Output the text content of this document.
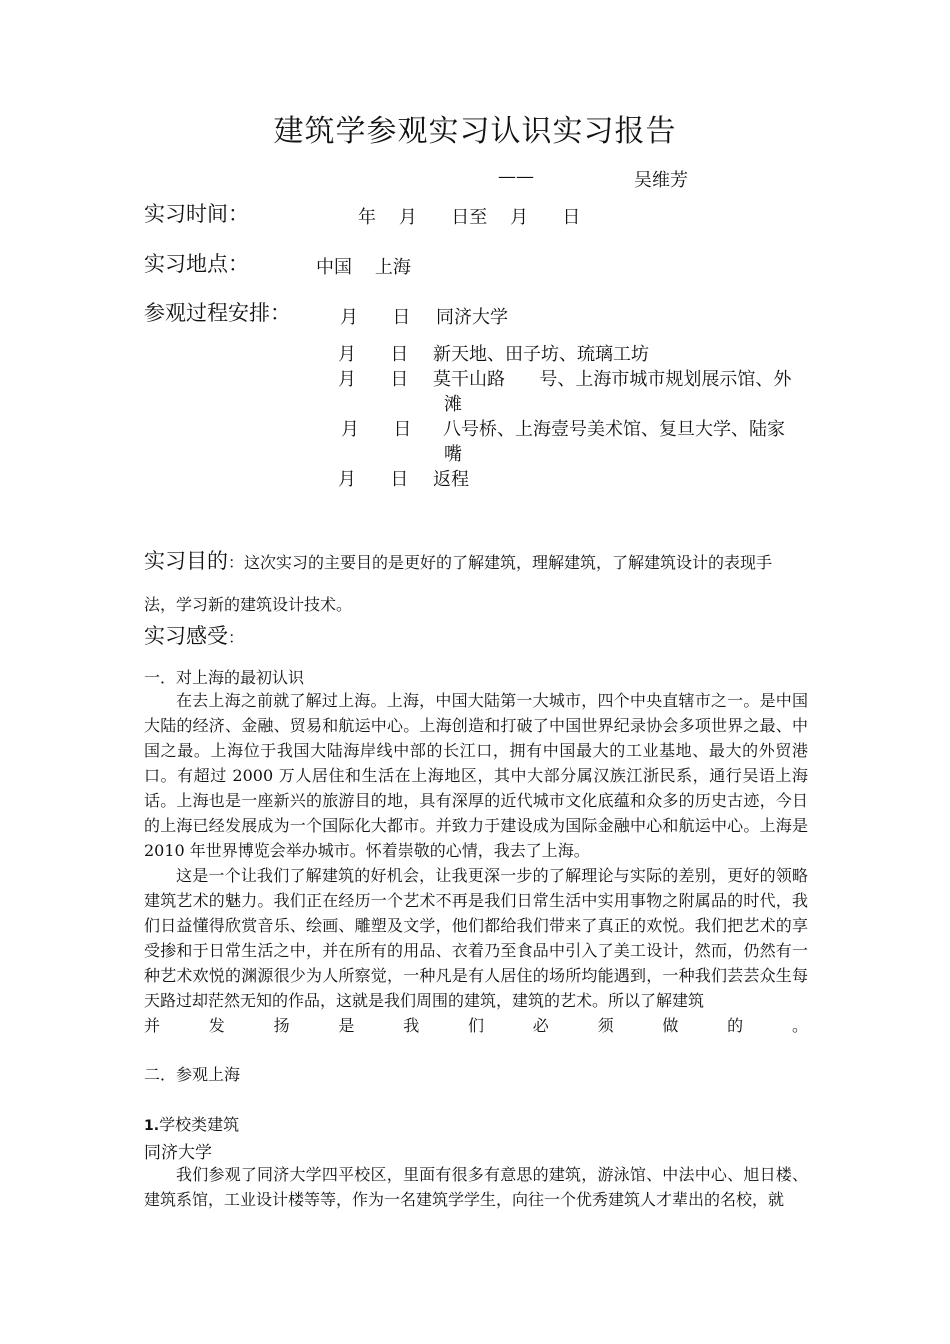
建筑学参观实习认识实习报告
——	吴维芳
实习时间：	年    月      日至    月      日
实习地点：	中国    上海
参观过程安排：	月      日 同济大学
月      日 新天地、田子坊、琉璃工坊
月      日 莫干山路      号、上海市城市规划展示馆、外
滩
月      日 八号桥、上海壹号美术馆、复旦大学、陆家
嘴
月      日 返程
实习目的：这次实习的主要目的是更好的了解建筑，理解建筑，了解建筑设计的表现手
法，学习新的建筑设计技术。
实习感受：
一．对上海的最初认识

在去上海之前就了解过上海。上海，中国大陆第一大城市，四个中央直辖市之一。是中国大陆的经济、金融、贸易和航运中心。上海创造和打破了中国世界纪录协会多项世界之最、中国之最。上海位于我国大陆海岸线中部的长江口，拥有中国最大的工业基地、最大的外贸港口。有超过 2000 万人居住和生活在上海地区，其中大部分属汉族江浙民系，通行吴语上海话。上海也是一座新兴的旅游目的地，具有深厚的近代城市文化底蕴和众多的历史古迹，今日的上海已经发展成为一个国际化大都市。并致力于建设成为国际金融中心和航运中心。上海是 2010 年世界博览会举办城市。怀着崇敬的心情，我去了上海。

这是一个让我们了解建筑的好机会，让我更深一步的了解理论与实际的差别，更好的领略建筑艺术的魅力。我们正在经历一个艺术不再是我们日常生活中实用事物之附属品的时代，我们日益懂得欣赏音乐、绘画、雕塑及文学，他们都给我们带来了真正的欢悦。我们把艺术的享受掺和于日常生活之中，并在所有的用品、衣着乃至食品中引入了美工设计，然而，仍然有一种艺术欢悦的渊源很少为人所察觉，一种凡是有人居住的场所均能遇到，一种我们芸芸众生每天路过却茫然无知的作品，这就是我们周围的建筑，建筑的艺术。所以了解建筑

并发扬是我们必须做的。

二．参观上海
1.学校类建筑
同济大学

我们参观了同济大学四平校区，里面有很多有意思的建筑，游泳馆、中法中心、旭日楼、建筑系馆，工业设计楼等等，作为一名建筑学学生，向往一个优秀建筑人才辈出的名校，就
